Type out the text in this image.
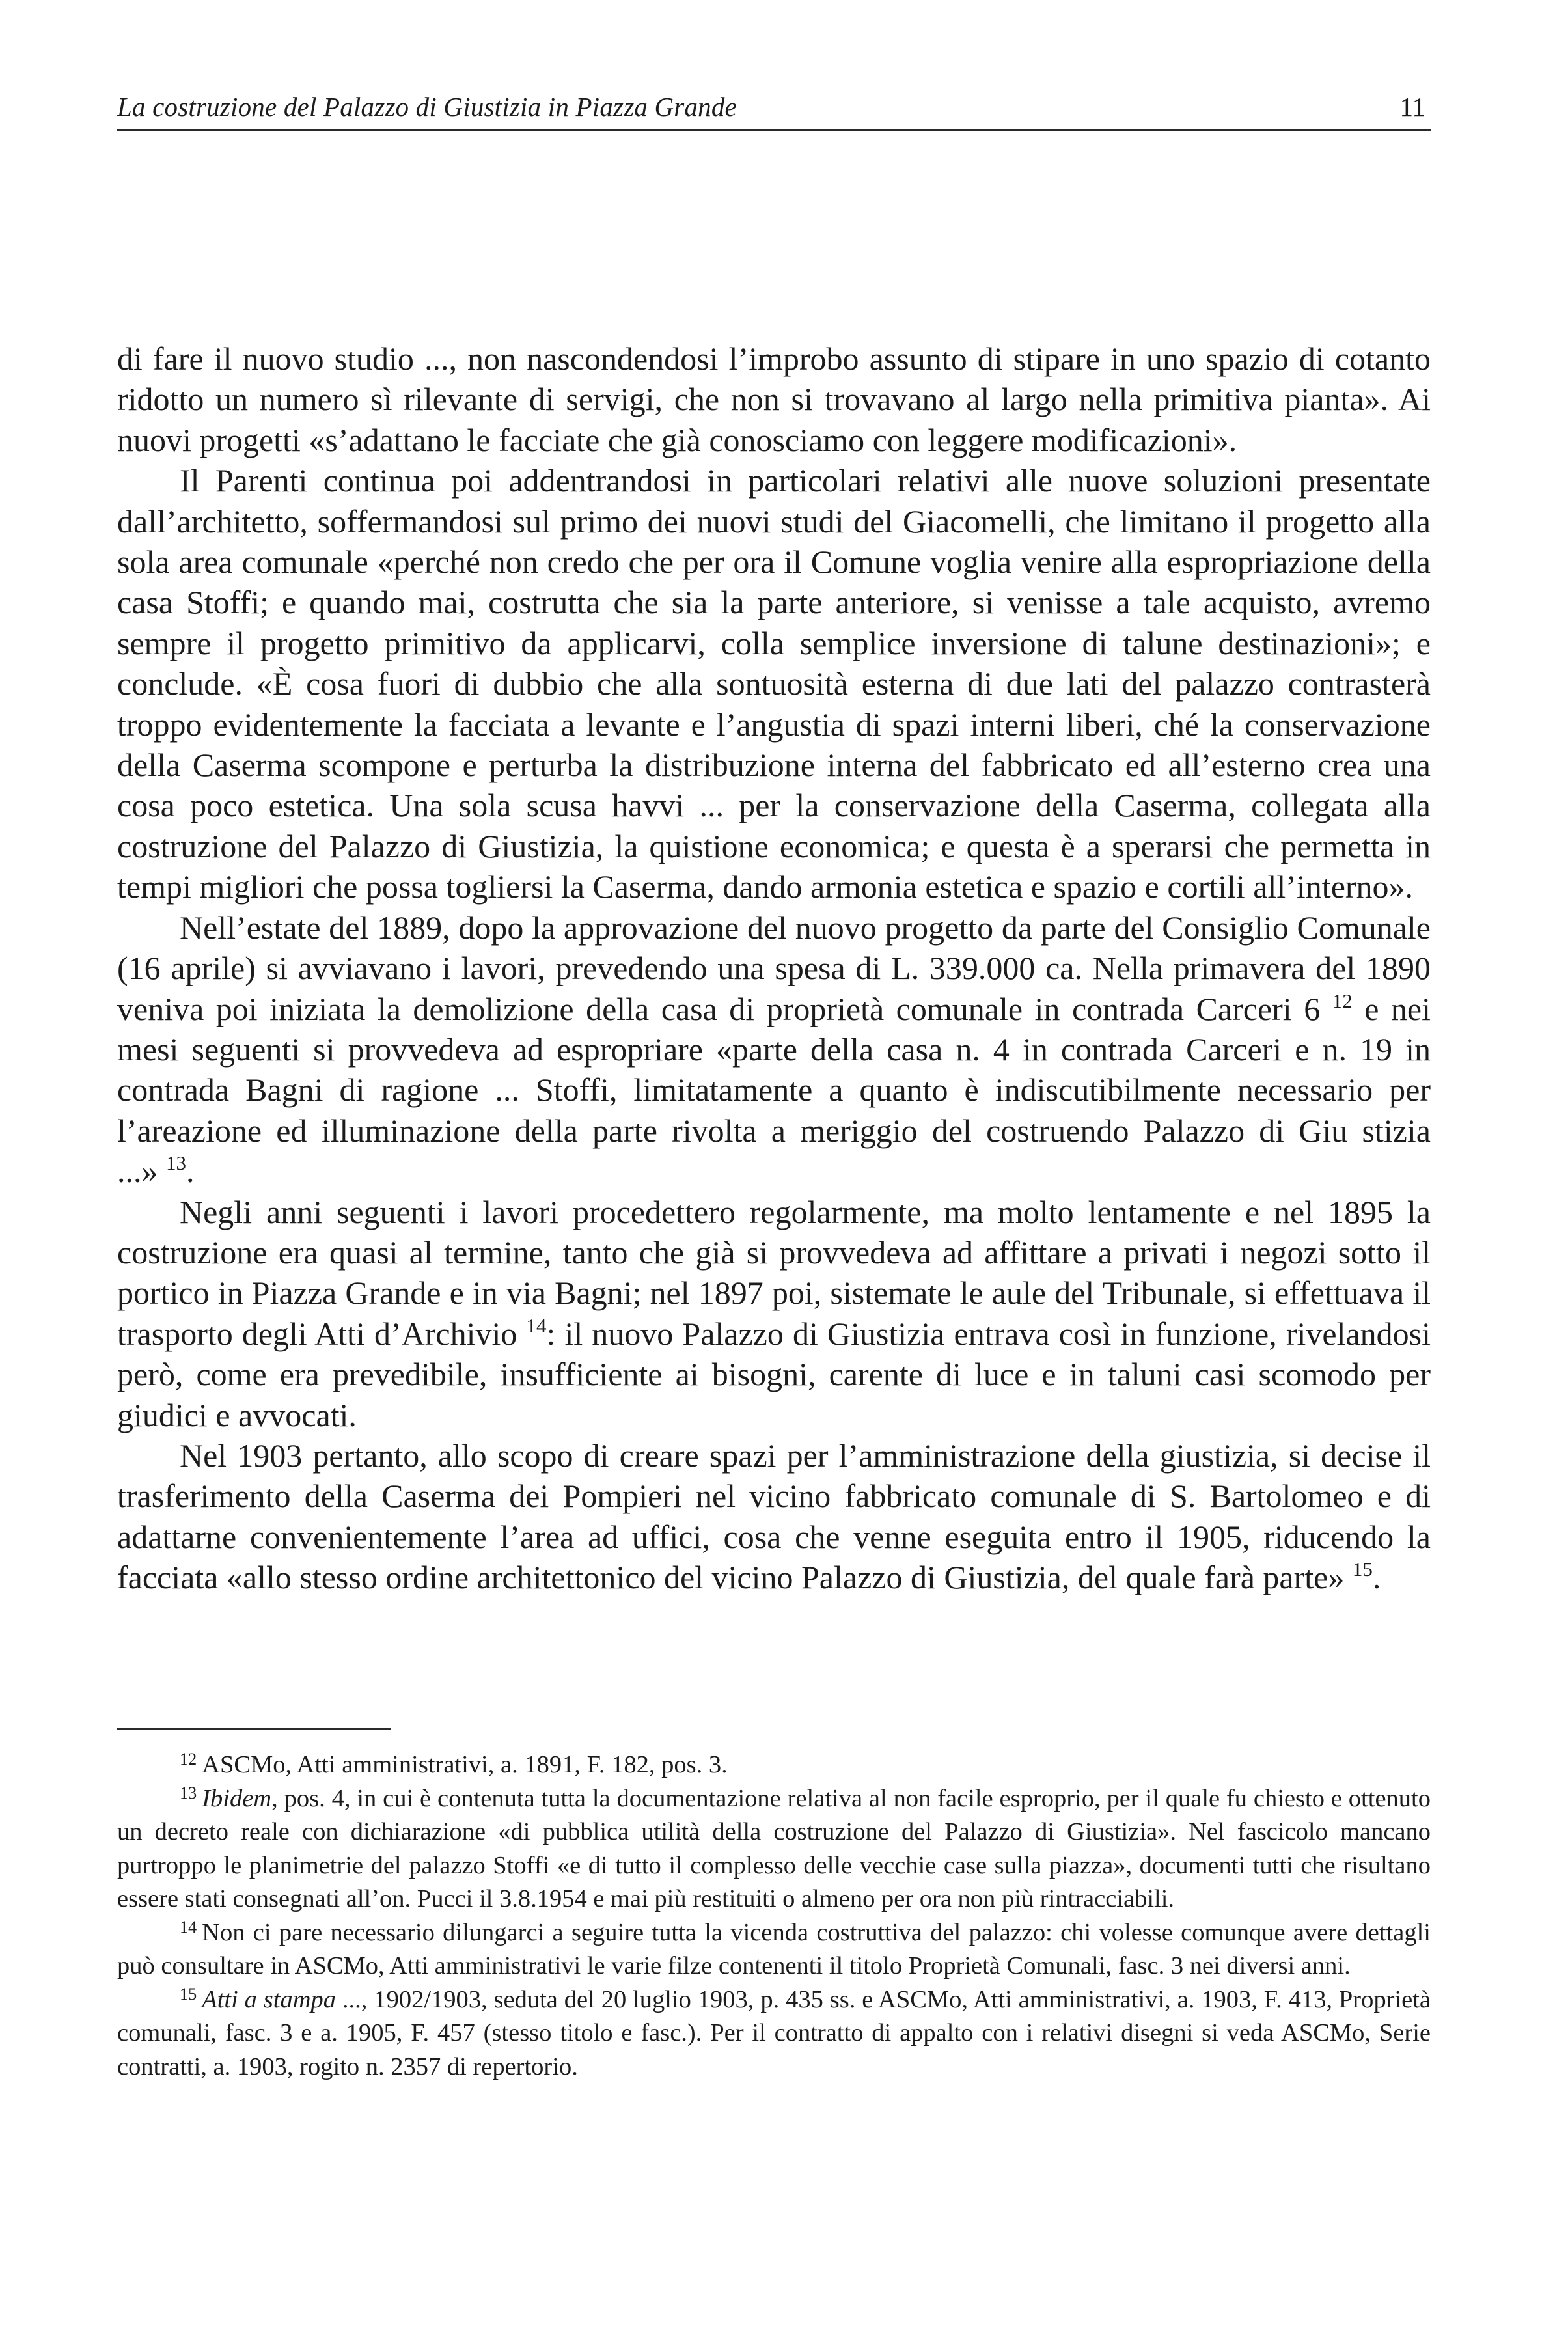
La costruzione del Palazzo di Giustizia in Piazza Grande	11

di fare il nuovo studio ..., non nascondendosi l’improbo assunto di stipare in uno spazio di cotanto ridotto un numero sì rilevante di servigi, che non si trovavano al largo nella primitiva pianta». Ai nuovi progetti «s’adattano le facciate che già conosciamo con leggere modificazioni».

Il Parenti continua poi addentrandosi in particolari relativi alle nuove soluzioni presentate dall’architetto, soffermandosi sul primo dei nuovi studi del Giacomelli, che limitano il progetto alla sola area comunale «perché non credo che per ora il Comune voglia venire alla espropriazione della casa Stoffi; e quando mai, costrutta che sia la parte anteriore, si venisse a tale acquisto, avremo sempre il progetto primitivo da applicarvi, colla semplice inversione di talune destinazioni»; e conclude. «È cosa fuori di dubbio che alla sontuosità esterna di due lati del palazzo contrasterà troppo evidentemente la facciata a levante e l’angustia di spazi interni liberi, ché la conservazione della Caserma scompone e perturba la distribuzione interna del fabbricato ed all’esterno crea una cosa poco estetica. Una sola scusa havvi ... per la conservazione della Caserma, collegata alla costruzione del Palazzo di Giustizia, la quistione economica; e questa è a sperarsi che permetta in tempi migliori che possa togliersi la Caserma, dando armonia estetica e spazio e cortili all’interno».

Nell’estate del 1889, dopo la approvazione del nuovo progetto da parte del Consiglio Comunale (16 aprile) si avviavano i lavori, prevedendo una spesa di L. 339.000 ca. Nella primavera del 1890 veniva poi iniziata la demolizione della casa di proprietà comunale in contrada Carceri 6 $^{12}$ e nei mesi seguenti si provvedeva ad espropriare «parte della casa n. 4 in contrada Carceri e n. 19 in contrada Bagni di ragione ... Stoffi, limitatamente a quanto è indiscutibilmente necessario per l’areazione ed illuminazione della parte rivolta a meriggio del costruendo Palazzo di Giu stizia ...» $^{13}$.

Negli anni seguenti i lavori procedettero regolarmente, ma molto lentamente e nel 1895 la costruzione era quasi al termine, tanto che già si provvedeva ad affittare a privati i negozi sotto il portico in Piazza Grande e in via Bagni; nel 1897 poi, sistemate le aule del Tribunale, si effettuava il trasporto degli Atti d’Archivio $^{14}$: il nuovo Palazzo di Giustizia entrava così in funzione, rivelandosi però, come era prevedibile, insufficiente ai bisogni, carente di luce e in taluni casi scomodo per giudici e avvocati.

Nel 1903 pertanto, allo scopo di creare spazi per l’amministrazione della giustizia, si decise il trasferimento della Caserma dei Pompieri nel vicino fabbricato comunale di S. Bartolomeo e di adattarne convenientemente l’area ad uffici, cosa che venne eseguita entro il 1905, riducendo la facciata «allo stesso ordine architettonico del vicino Palazzo di Giustizia, del quale farà parte» $^{15}$.

$^{12}$ ASCMo, Atti amministrativi, a. 1891, F. 182, pos. 3.

$^{13}$ Ibidem, pos. 4, in cui è contenuta tutta la documentazione relativa al non facile esproprio, per il quale fu chiesto e ottenuto un decreto reale con dichiarazione «di pubblica utilità della costruzione del Palazzo di Giustizia». Nel fascicolo mancano purtroppo le planimetrie del palazzo Stoffi «e di tutto il complesso delle vecchie case sulla piazza», documenti tutti che risultano essere stati consegnati all’on. Pucci il 3.8.1954 e mai più restituiti o almeno per ora non più rintracciabili.

$^{14}$ Non ci pare necessario dilungarci a seguire tutta la vicenda costruttiva del palazzo: chi volesse comunque avere dettagli può consultare in ASCMo, Atti amministrativi le varie filze contenenti il titolo Proprietà Comunali, fasc. 3 nei diversi anni.

$^{15}$ Atti a stampa ..., 1902/1903, seduta del 20 luglio 1903, p. 435 ss. e ASCMo, Atti amministrativi, a. 1903, F. 413, Proprietà comunali, fasc. 3 e a. 1905, F. 457 (stesso titolo e fasc.). Per il contratto di appalto con i relativi disegni si veda ASCMo, Serie contratti, a. 1903, rogito n. 2357 di repertorio.
